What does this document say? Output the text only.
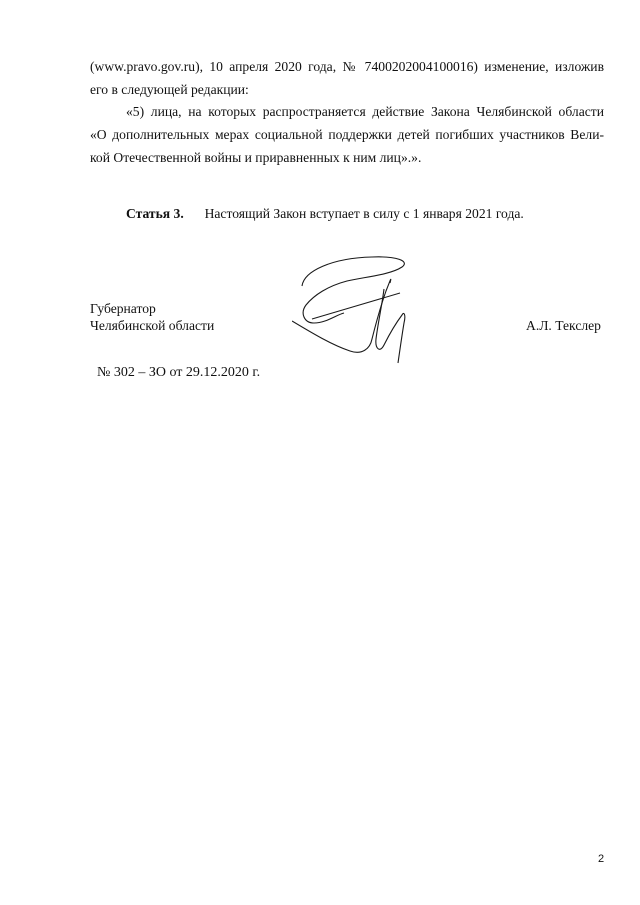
(www.pravo.gov.ru), 10 апреля 2020 года, № 7400202004100016) изменение, изложив
его в следующей редакции:
«5) лица, на которых распространяется действие Закона Челябинской области
«О дополнительных мерах социальной поддержки детей погибших участников Вели-
кой Отечественной войны и приравненных к ним лиц».».
Статья 3. Настоящий Закон вступает в силу с 1 января 2021 года.
Губернатор
Челябинской области	А.Л. Текслер
№ 302 – ЗО от 29.12.2020 г.
2
